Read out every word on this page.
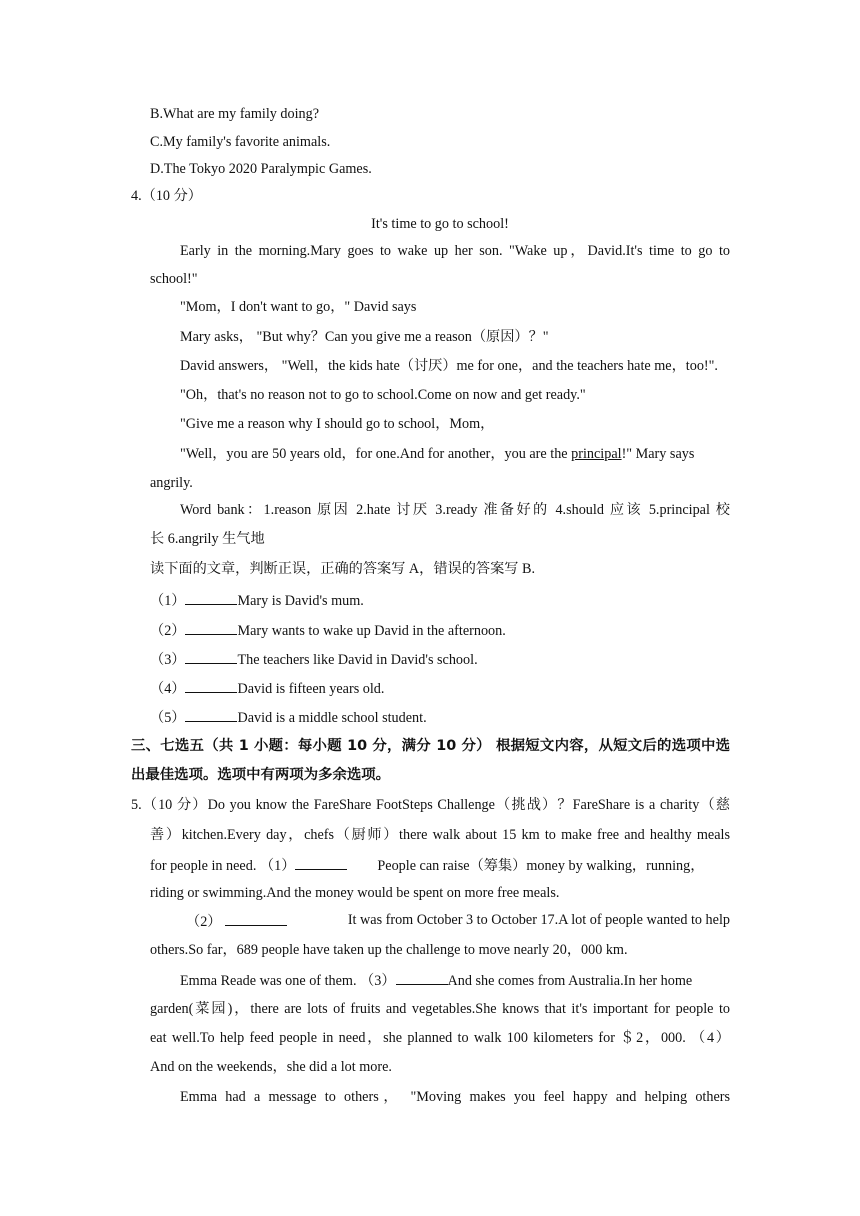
B.What are my family doing?
C.My family's favorite animals.
D.The Tokyo 2020 Paralympic Games.
4.（10 分）
It's time to go to school!
Early in the morning.Mary goes to wake up her son. "Wake up，David.It's time to go to
school!"
"Mom，I don't want to go，" David says
Mary asks， "But why？Can you give me a reason（原因）？"
David answers， "Well，the kids hate（讨厌）me for one，and the teachers hate me，too!".
"Oh，that's no reason not to go to school.Come on now and get ready."
"Give me a reason why I should go to school，Mom，
"Well，you are 50 years old，for one.And for another，you are the principal!" Mary says
angrily.
Word bank：1.reason 原因 2.hate 讨厌 3.ready 准备好的 4.should 应该 5.principal 校
长 6.angrily 生气地
读下面的文章，判断正误，正确的答案写 A，错误的答案写 B.
（1）	Mary is David's mum.
（2）	Mary wants to wake up David in the afternoon.
（3）	The teachers like David in David's school.
（4）	David is fifteen years old.
（5）	David is a middle school student.
三、七选五（共 1 小题：每小题 10 分，满分 10 分） 根据短文内容，从短文后的选项中选
出最佳选项。选项中有两项为多余选项。
5.（10 分）Do you know the FareShare FootSteps Challenge（挑战）？FareShare is a charity（慈
善）kitchen.Every day，chefs（厨师）there walk about 15 km to make free and healthy meals
for people in need. （1）	People can raise（筹集）money by walking，running，
riding or swimming.And the money would be spent on more free meals.
（2）	It was from October 3 to October 17.A lot of people wanted to help
others.So far，689 people have taken up the challenge to move nearly 20，000 km.
Emma Reade was one of them. （3）	And she comes from Australia.In her home
garden(菜园)，there are lots of fruits and vegetables.She knows that it's important for people to
eat well.To help feed people in need，she planned to walk 100 kilometers for ＄2，000. （4）
And on the weekends，she did a lot more.
Emma had a message to others， "Moving makes you feel happy and helping others
